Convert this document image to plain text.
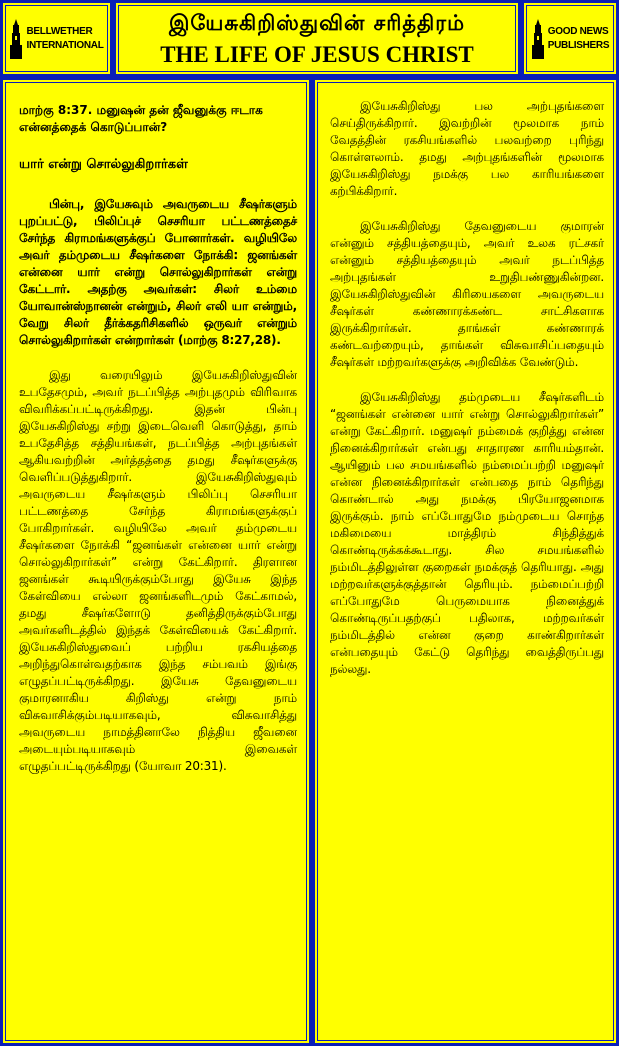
BELLWETHER
INTERNATIONAL
இயேசுகிறிஸ்துவின் சரித்திரம்
THE LIFE OF JESUS CHRIST
GOOD NEWS
PUBLISHERS

மாற்கு 8:37. மனுஷன் தன் ஜீவனுக்கு ஈடாக என்னத்தைக் கொடுப்பான்?

யார் என்று சொல்லுகிறார்கள்

பின்பு, இயேசுவும் அவருடைய சீஷர்களும் புறப்பட்டு, பிலிப்புச் செசரியா பட்டணத்தைச் சேர்ந்த கிராமங்களுக்குப் போனார்கள். வழியிலே அவர் தம்முடைய சீஷர்களை நோக்கி: ஜனங்கள் என்னை யார் என்று சொல்லுகிறார்கள் என்று கேட்டார். அதற்கு அவர்கள்: சிலர் உம்மை யோவான்ஸ்நானன் என்றும், சிலர் எலி யா என்றும், வேறு சிலர் தீர்க்கதரிசிகளில் ஒருவர் என்றும் சொல்லுகிறார்கள் என்றார்கள் (மாற்கு 8:27,28).

இது வரையிலும் இயேசுகிறிஸ்துவின் உபதேசமும், அவர் நடப்பித்த அற்புதமும் விரிவாக விவரிக்கப்பட்டிருக்கிறது. இதன் பின்பு இயேசுகிறிஸ்து சற்று இடைவெளி கொடுத்து, தாம் உபதேசித்த சத்தியங்கள், நடப்பித்த அற்புதங்கள் ஆகியவற்றின் அர்த்தத்தை தமது சீஷர்களுக்கு வெளிப்படுத்துகிறார். இயேசுகிறிஸ்துவும் அவருடைய சீஷர்களும் பிலிப்பு செசரியா பட்டணத்தை சேர்ந்த கிராமங்களுக்குப் போகிறார்கள். வழியிலே அவர் தம்முடைய சீஷர்களை நோக்கி “ஜனங்கள் என்னை யார் என்று சொல்லுகிறார்கள்” என்று கேட்கிறார். திரளான ஜனங்கள் கூடியிருக்கும்போது இயேசு இந்த கேள்வியை எல்லா ஜனங்களிடமும் கேட்காமல், தமது சீஷர்களோடு தனித்திருக்கும்போது அவர்களிடத்தில் இந்தக் கேள்வியைக் கேட்கிறார். இயேசுகிறிஸ்துவைப் பற்றிய ரகசியத்தை அறிந்துகொள்வதற்காக இந்த சம்பவம் இங்கு எழுதப்பட்டிருக்கிறது. இயேசு தேவனுடைய குமாரனாகிய கிறிஸ்து என்று நாம் விசுவாசிக்கும்படியாகவும், விசுவாசித்து அவருடைய நாமத்தினாலே நித்திய ஜீவனை அடையும்படியாகவும் இவைகள் எழுதப்பட்டிருக்கிறது (யோவா 20:31).

இயேசுகிறிஸ்து பல அற்புதங்களை செய்திருக்கிறார். இவற்றின் மூலமாக நாம் வேதத்தின் ரகசியங்களில் பலவற்றை புரிந்து கொள்ளலாம். தமது அற்புதங்களின் மூலமாக இயேசுகிறிஸ்து நமக்கு பல காரியங்களை கற்பிக்கிறார்.

இயேசுகிறிஸ்து தேவனுடைய குமாரன் என்னும் சத்தியத்தையும், அவர் உலக ரட்சகர் என்னும் சத்தியத்தையும் அவர் நடப்பித்த அற்புதங்கள் உறுதிபண்ணுகின்றன. இயேசுகிறிஸ்துவின் கிரியைகளை அவருடைய சீஷர்கள் கண்ணாரக்கண்ட சாட்சிகளாக இருக்கிறார்கள். தாங்கள் கண்ணாரக் கண்டவற்றையும், தாங்கள் விசுவாசிப்பதையும் சீஷர்கள் மற்றவர்களுக்கு அறிவிக்க வேண்டும்.

இயேசுகிறிஸ்து தம்முடைய சீஷர்களிடம் “ஜனங்கள் என்னை யார் என்று சொல்லுகிறார்கள்” என்று கேட்கிறார். மனுஷர் நம்மைக் குறித்து என்ன நினைக்கிறார்கள் என்பது சாதாரண காரியம்தான். ஆயினும் பல சமயங்களில் நம்மைப்பற்றி மனுஷர் என்ன நினைக்கிறார்கள் என்பதை நாம் தெரிந்து கொண்டால் அது நமக்கு பிரயோஜனமாக இருக்கும். நாம் எப்போதுமே நம்முடைய சொந்த மகிமையை மாத்திரம் சிந்தித்துக் கொண்டிருக்கக்கூடாது. சில சமயங்களில் நம்மிடத்திலுள்ள குறைகள் நமக்குத் தெரியாது. அது மற்றவர்களுக்குத்தான் தெரியும். நம்மைப்பற்றி எப்போதுமே பெருமையாக நினைத்துக் கொண்டிருப்பதற்குப் பதிலாக, மற்றவர்கள் நம்மிடத்தில் என்ன குறை காண்கிறார்கள் என்பதையும் கேட்டு தெரிந்து வைத்திருப்பது நல்லது.
